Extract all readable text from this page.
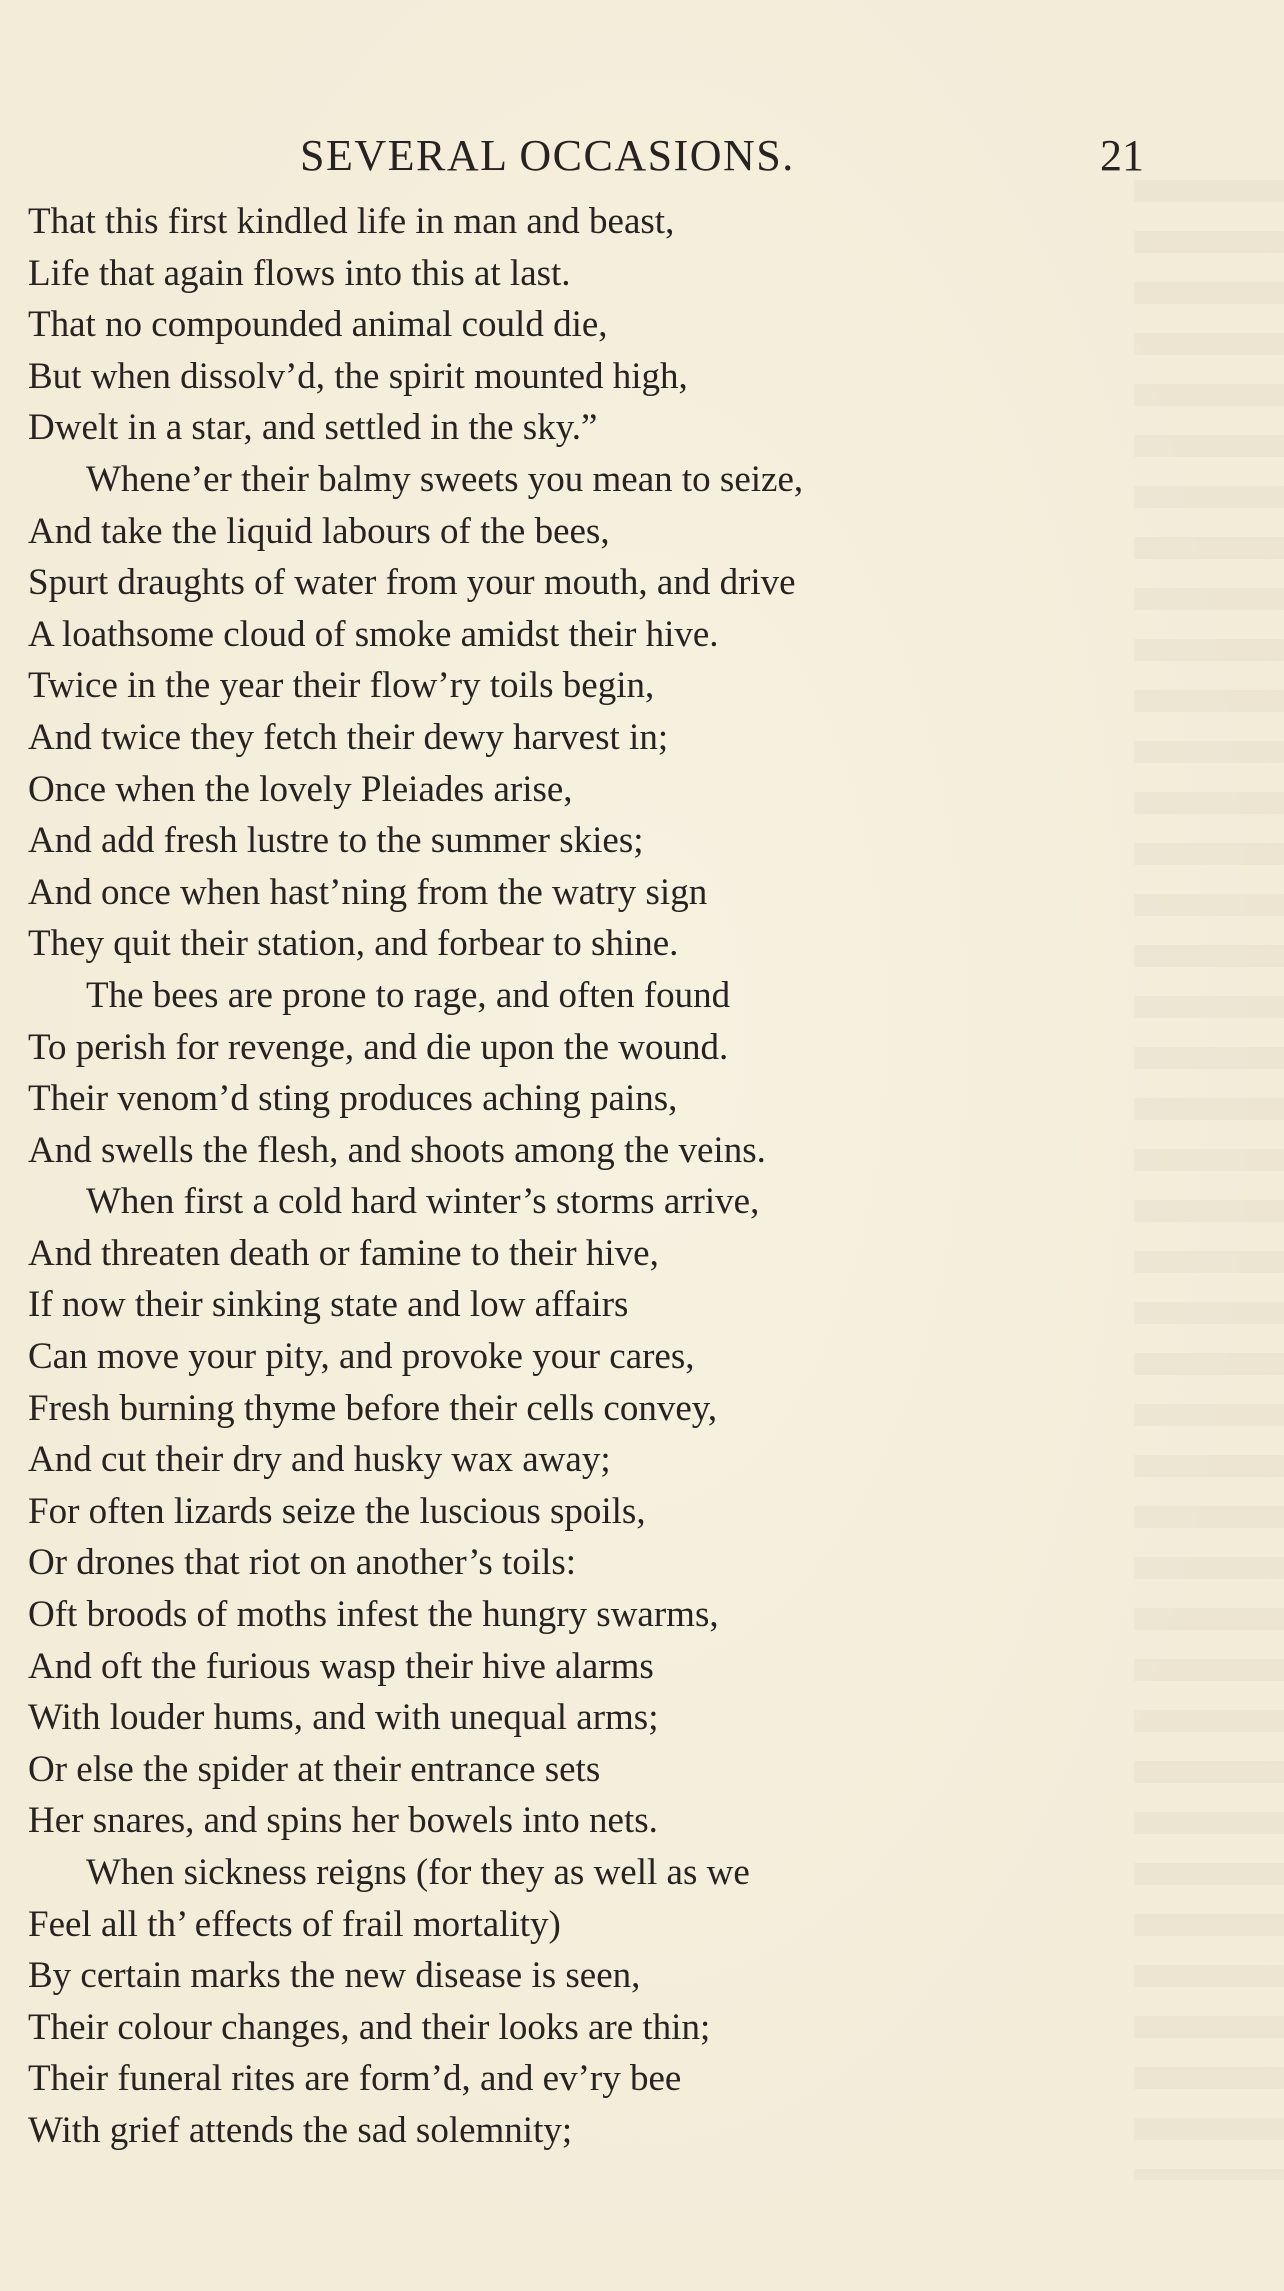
SEVERAL OCCASIONS.	21
That this first kindled life in man and beast,
Life that again flows into this at last.
That no compounded animal could die,
But when dissolv’d, the spirit mounted high,
Dwelt in a star, and settled in the sky.”
Whene’er their balmy sweets you mean to seize,
And take the liquid labours of the bees,
Spurt draughts of water from your mouth, and drive
A loathsome cloud of smoke amidst their hive.
Twice in the year their flow’ry toils begin,
And twice they fetch their dewy harvest in;
Once when the lovely Pleiades arise,
And add fresh lustre to the summer skies;
And once when hast’ning from the watry sign
They quit their station, and forbear to shine.
The bees are prone to rage, and often found
To perish for revenge, and die upon the wound.
Their venom’d sting produces aching pains,
And swells the flesh, and shoots among the veins.
When first a cold hard winter’s storms arrive,
And threaten death or famine to their hive,
If now their sinking state and low affairs
Can move your pity, and provoke your cares,
Fresh burning thyme before their cells convey,
And cut their dry and husky wax away;
For often lizards seize the luscious spoils,
Or drones that riot on another’s toils:
Oft broods of moths infest the hungry swarms,
And oft the furious wasp their hive alarms
With louder hums, and with unequal arms;
Or else the spider at their entrance sets
Her snares, and spins her bowels into nets.
When sickness reigns (for they as well as we
Feel all th’ effects of frail mortality)
By certain marks the new disease is seen,
Their colour changes, and their looks are thin;
Their funeral rites are form’d, and ev’ry bee
With grief attends the sad solemnity;
